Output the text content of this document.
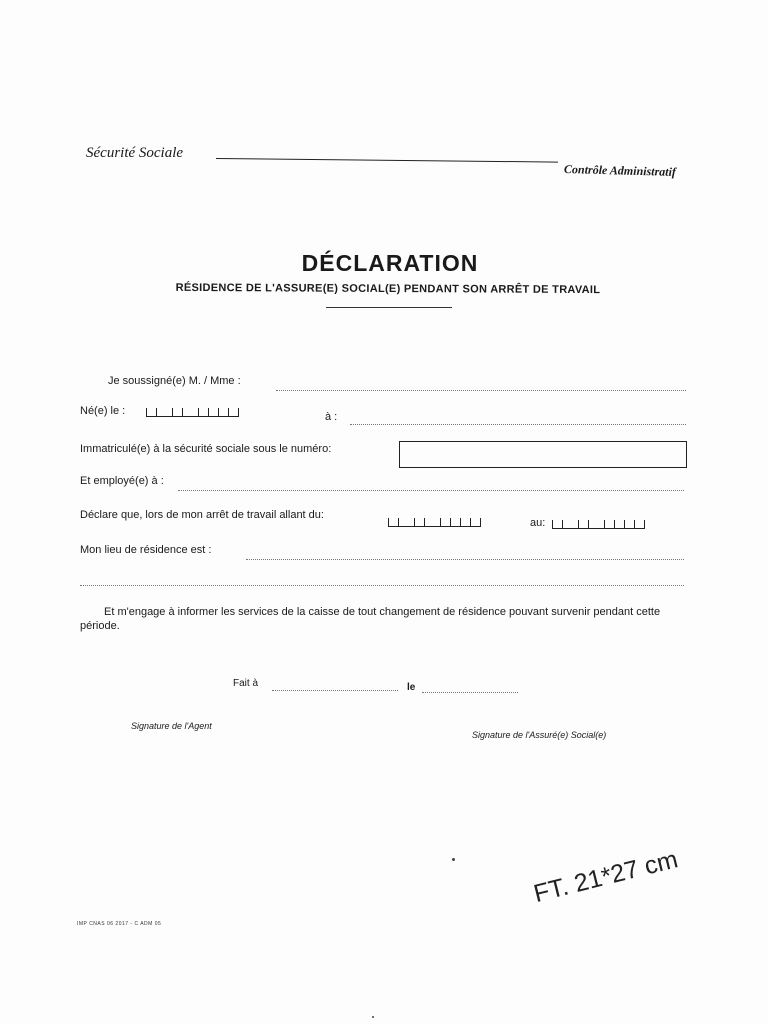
Sécurité Sociale
Contrôle Administratif
DÉCLARATION
RÉSIDENCE DE L'ASSURE(E) SOCIAL(E) PENDANT SON ARRÊT DE TRAVAIL
Je soussigné(e) M. / Mme :
Né(e) le :	à :
Immatriculé(e) à la sécurité sociale sous le numéro:
Et employé(e) à :
Déclare que, lors de mon arrêt de travail allant du:
au:
Mon lieu de résidence est :
Et m'engage à informer les services de la caisse de tout changement de résidence pouvant survenir pendant cette période.
Fait à	le
Signature de l'Agent
Signature de l'Assuré(e) Social(e)
FT. 21*27 cm
IMP CNAS 06 2017 - C ADM 05
